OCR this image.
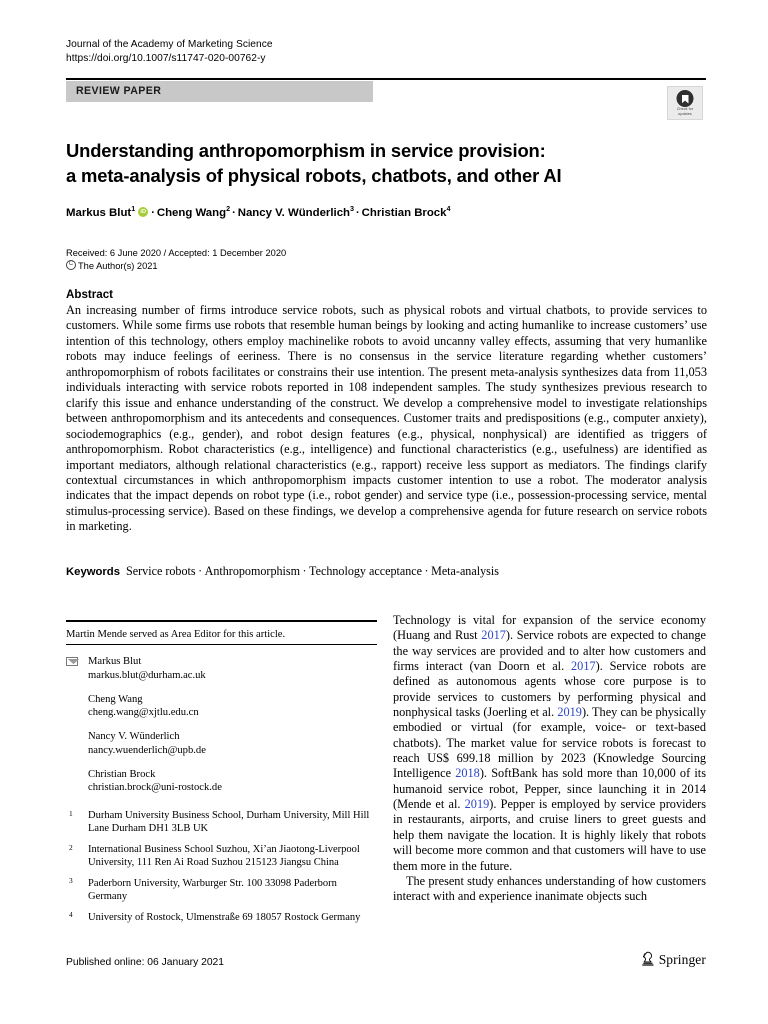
Journal of the Academy of Marketing Science
https://doi.org/10.1007/s11747-020-00762-y
REVIEW PAPER
Check for
updates
Understanding anthropomorphism in service provision:
a meta-analysis of physical robots, chatbots, and other AI
Markus Blut$^1$ iD · Cheng Wang$^2$ · Nancy V. Wünderlich$^3$ · Christian Brock$^4$
Received: 6 June 2020 / Accepted: 1 December 2020
CThe Author(s) 2021
Abstract
An increasing number of firms introduce service robots, such as physical robots and virtual chatbots, to provide services to customers. While some firms use robots that resemble human beings by looking and acting humanlike to increase customers’ use intention of this technology, others employ machinelike robots to avoid uncanny valley effects, assuming that very humanlike robots may induce feelings of eeriness. There is no consensus in the service literature regarding whether customers’ anthropomorphism of robots facilitates or constrains their use intention. The present meta-analysis synthesizes data from 11,053 individuals interacting with service robots reported in 108 independent samples. The study synthesizes previous research to clarify this issue and enhance understanding of the construct. We develop a comprehensive model to investigate relationships between anthropomorphism and its antecedents and consequences. Customer traits and predispositions (e.g., computer anxiety), sociodemographics (e.g., gender), and robot design features (e.g., physical, nonphysical) are identified as triggers of anthropomorphism. Robot characteristics (e.g., intelligence) and functional characteristics (e.g., usefulness) are identified as important mediators, although relational characteristics (e.g., rapport) receive less support as mediators. The findings clarify contextual circumstances in which anthropomorphism impacts customer intention to use a robot. The moderator analysis indicates that the impact depends on robot type (i.e., robot gender) and service type (i.e., possession-processing service, mental stimulus-processing service). Based on these findings, we develop a comprehensive agenda for future research on service robots in marketing.
Keywords Service robots · Anthropomorphism · Technology acceptance · Meta-analysis
Martin Mende served as Area Editor for this article.
Markus Blut
markus.blut@durham.ac.uk
Cheng Wang
cheng.wang@xjtlu.edu.cn
Nancy V. Wünderlich
nancy.wuenderlich@upb.de
Christian Brock
christian.brock@uni-rostock.de
1 Durham University Business School, Durham University, Mill Hill Lane Durham DH1 3LB UK
2 International Business School Suzhou, Xi’an Jiaotong-Liverpool University, 111 Ren Ai Road Suzhou 215123 Jiangsu China
3 Paderborn University, Warburger Str. 100 33098 Paderborn Germany
4 University of Rostock, Ulmenstraße 69 18057 Rostock Germany

Technology is vital for expansion of the service economy (Huang and Rust 2017). Service robots are expected to change the way services are provided and to alter how customers and firms interact (van Doorn et al. 2017). Service robots are defined as autonomous agents whose core purpose is to provide services to customers by performing physical and nonphysical tasks (Joerling et al. 2019). They can be physically embodied or virtual (for example, voice- or text-based chatbots). The market value for service robots is forecast to reach US$ 699.18 million by 2023 (Knowledge Sourcing Intelligence 2018). SoftBank has sold more than 10,000 of its humanoid service robot, Pepper, since launching it in 2014 (Mende et al. 2019). Pepper is employed by service providers in restaurants, airports, and cruise liners to greet guests and help them navigate the location. It is highly likely that robots will become more common and that customers will have to use them more in the future.

The present study enhances understanding of how customers interact with and experience inanimate objects such

Published online: 06 January 2021	Springer
